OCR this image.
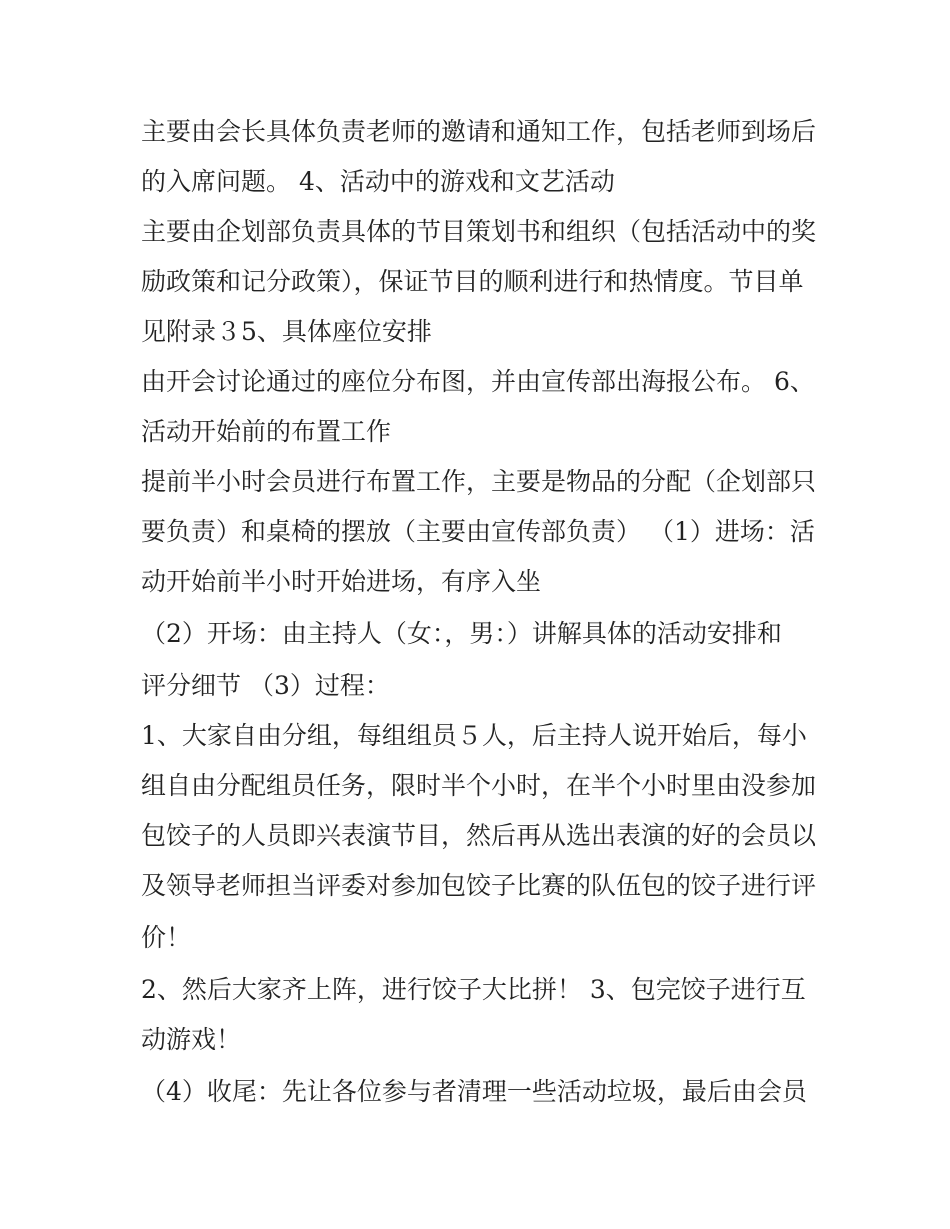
主要由会长具体负责老师的邀请和通知工作，包括老师到场后
的入席问题。 4、活动中的游戏和文艺活动
主要由企划部负责具体的节目策划书和组织（包括活动中的奖
励政策和记分政策），保证节目的顺利进行和热情度。节目单
见附录３5、具体座位安排
由开会讨论通过的座位分布图，并由宣传部出海报公布。 6、
活动开始前的布置工作
提前半小时会员进行布置工作，主要是物品的分配（企划部只
要负责）和桌椅的摆放（主要由宣传部负责） （1）进场：活
动开始前半小时开始进场，有序入坐
（2）开场：由主持人（女：，男：）讲解具体的活动安排和
评分细节 （3）过程：
1、大家自由分组，每组组员５人，后主持人说开始后，每小
组自由分配组员任务，限时半个小时，在半个小时里由没参加
包饺子的人员即兴表演节目，然后再从选出表演的好的会员以
及领导老师担当评委对参加包饺子比赛的队伍包的饺子进行评
价！
2、然后大家齐上阵，进行饺子大比拼！ 3、包完饺子进行互
动游戏！
（4）收尾：先让各位参与者清理一些活动垃圾，最后由会员
